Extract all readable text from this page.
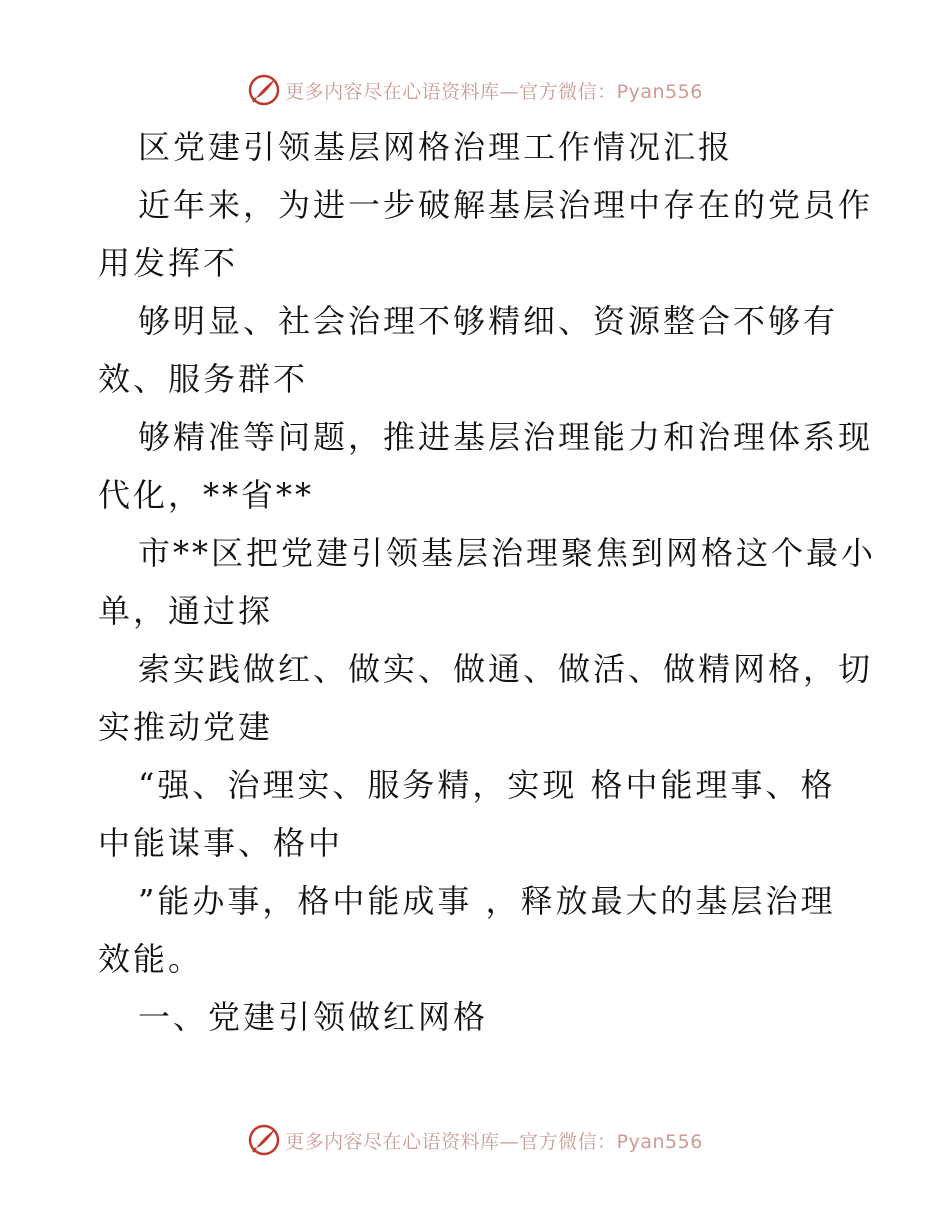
更多内容尽在心语资料库—官方微信：Pyan556
区党建引领基层网格治理工作情况汇报
近年来，为进一步破解基层治理中存在的党员作
用发挥不
够明显、社会治理不够精细、资源整合不够有
效、服务群不
够精准等问题，推进基层治理能力和治理体系现
代化，**省**
市**区把党建引领基层治理聚焦到网格这个最小
单，通过探
索实践做红、做实、做通、做活、做精网格，切
实推动党建
“强、治理实、服务精，实现 格中能理事、格
中能谋事、格中
”能办事，格中能成事 ，释放最大的基层治理
效能。
一、党建引领做红网格
更多内容尽在心语资料库—官方微信：Pyan556
